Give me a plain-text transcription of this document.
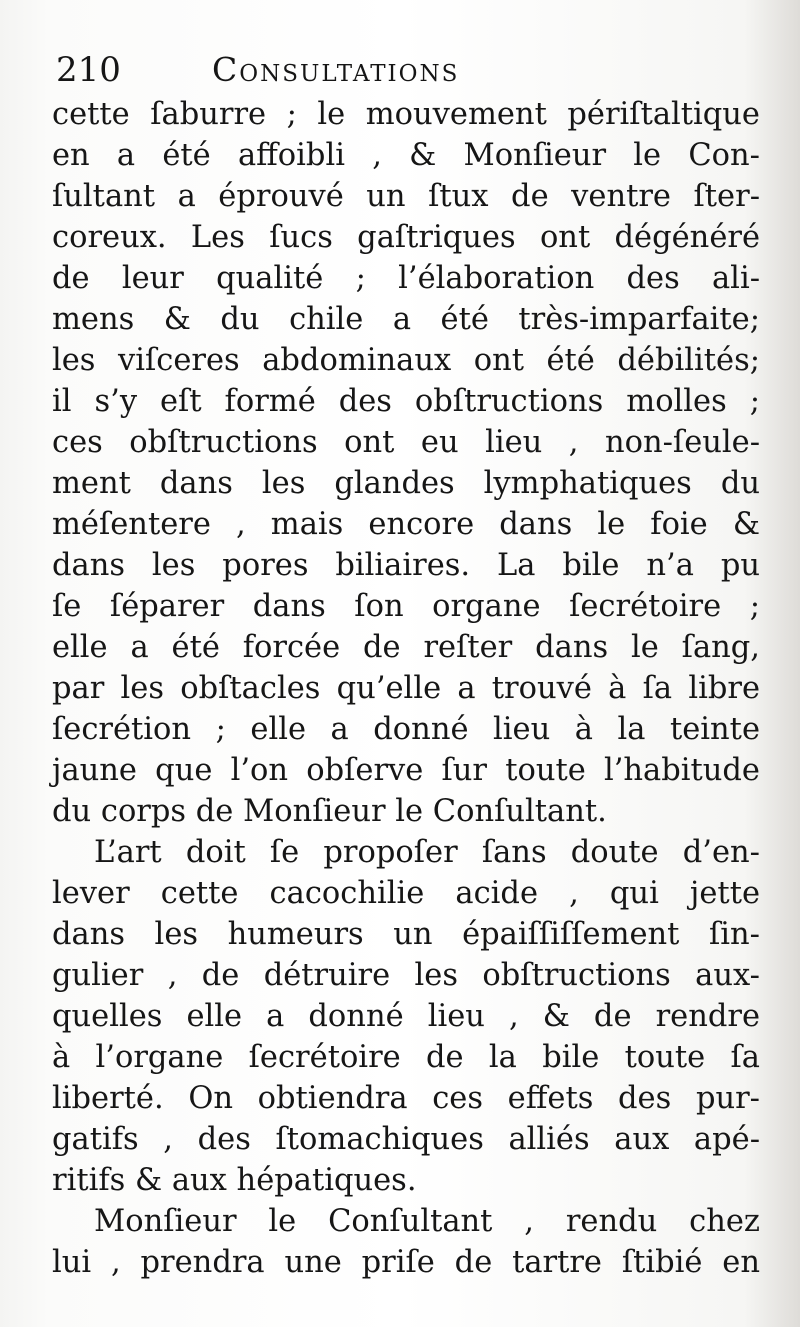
210	Consultations
cette ſaburre ; le mouvement périſtaltique
en a été affoibli , & Monſieur le Con-
ſultant a éprouvé un ſtux de ventre ſter-
coreux. Les ſucs gaſtriques ont dégénéré
de leur qualité ; l’élaboration des ali-
mens & du chile a été très-imparfaite;
les viſceres abdominaux ont été débilités;
il s’y eſt formé des obſtructions molles ;
ces obſtructions ont eu lieu , non-ſeule-
ment dans les glandes lymphatiques du
méſentere , mais encore dans le foie &
dans les pores biliaires. La bile n’a pu
ſe ſéparer dans ſon organe ſecrétoire ;
elle a été forcée de reſter dans le ſang,
par les obſtacles qu’elle a trouvé à ſa libre
ſecrétion ; elle a donné lieu à la teinte
jaune que l’on obſerve ſur toute l’habitude
du corps de Monſieur le Conſultant.
L’art doit ſe propoſer ſans doute d’en-
lever cette cacochilie acide , qui jette
dans les humeurs un épaiſſiſſement ſin-
gulier , de détruire les obſtructions aux-
quelles elle a donné lieu , & de rendre
à l’organe ſecrétoire de la bile toute ſa
liberté. On obtiendra ces effets des pur-
gatifs , des ſtomachiques alliés aux apé-
ritifs & aux hépatiques.
Monſieur le Conſultant , rendu chez
lui , prendra une priſe de tartre ſtibié en
